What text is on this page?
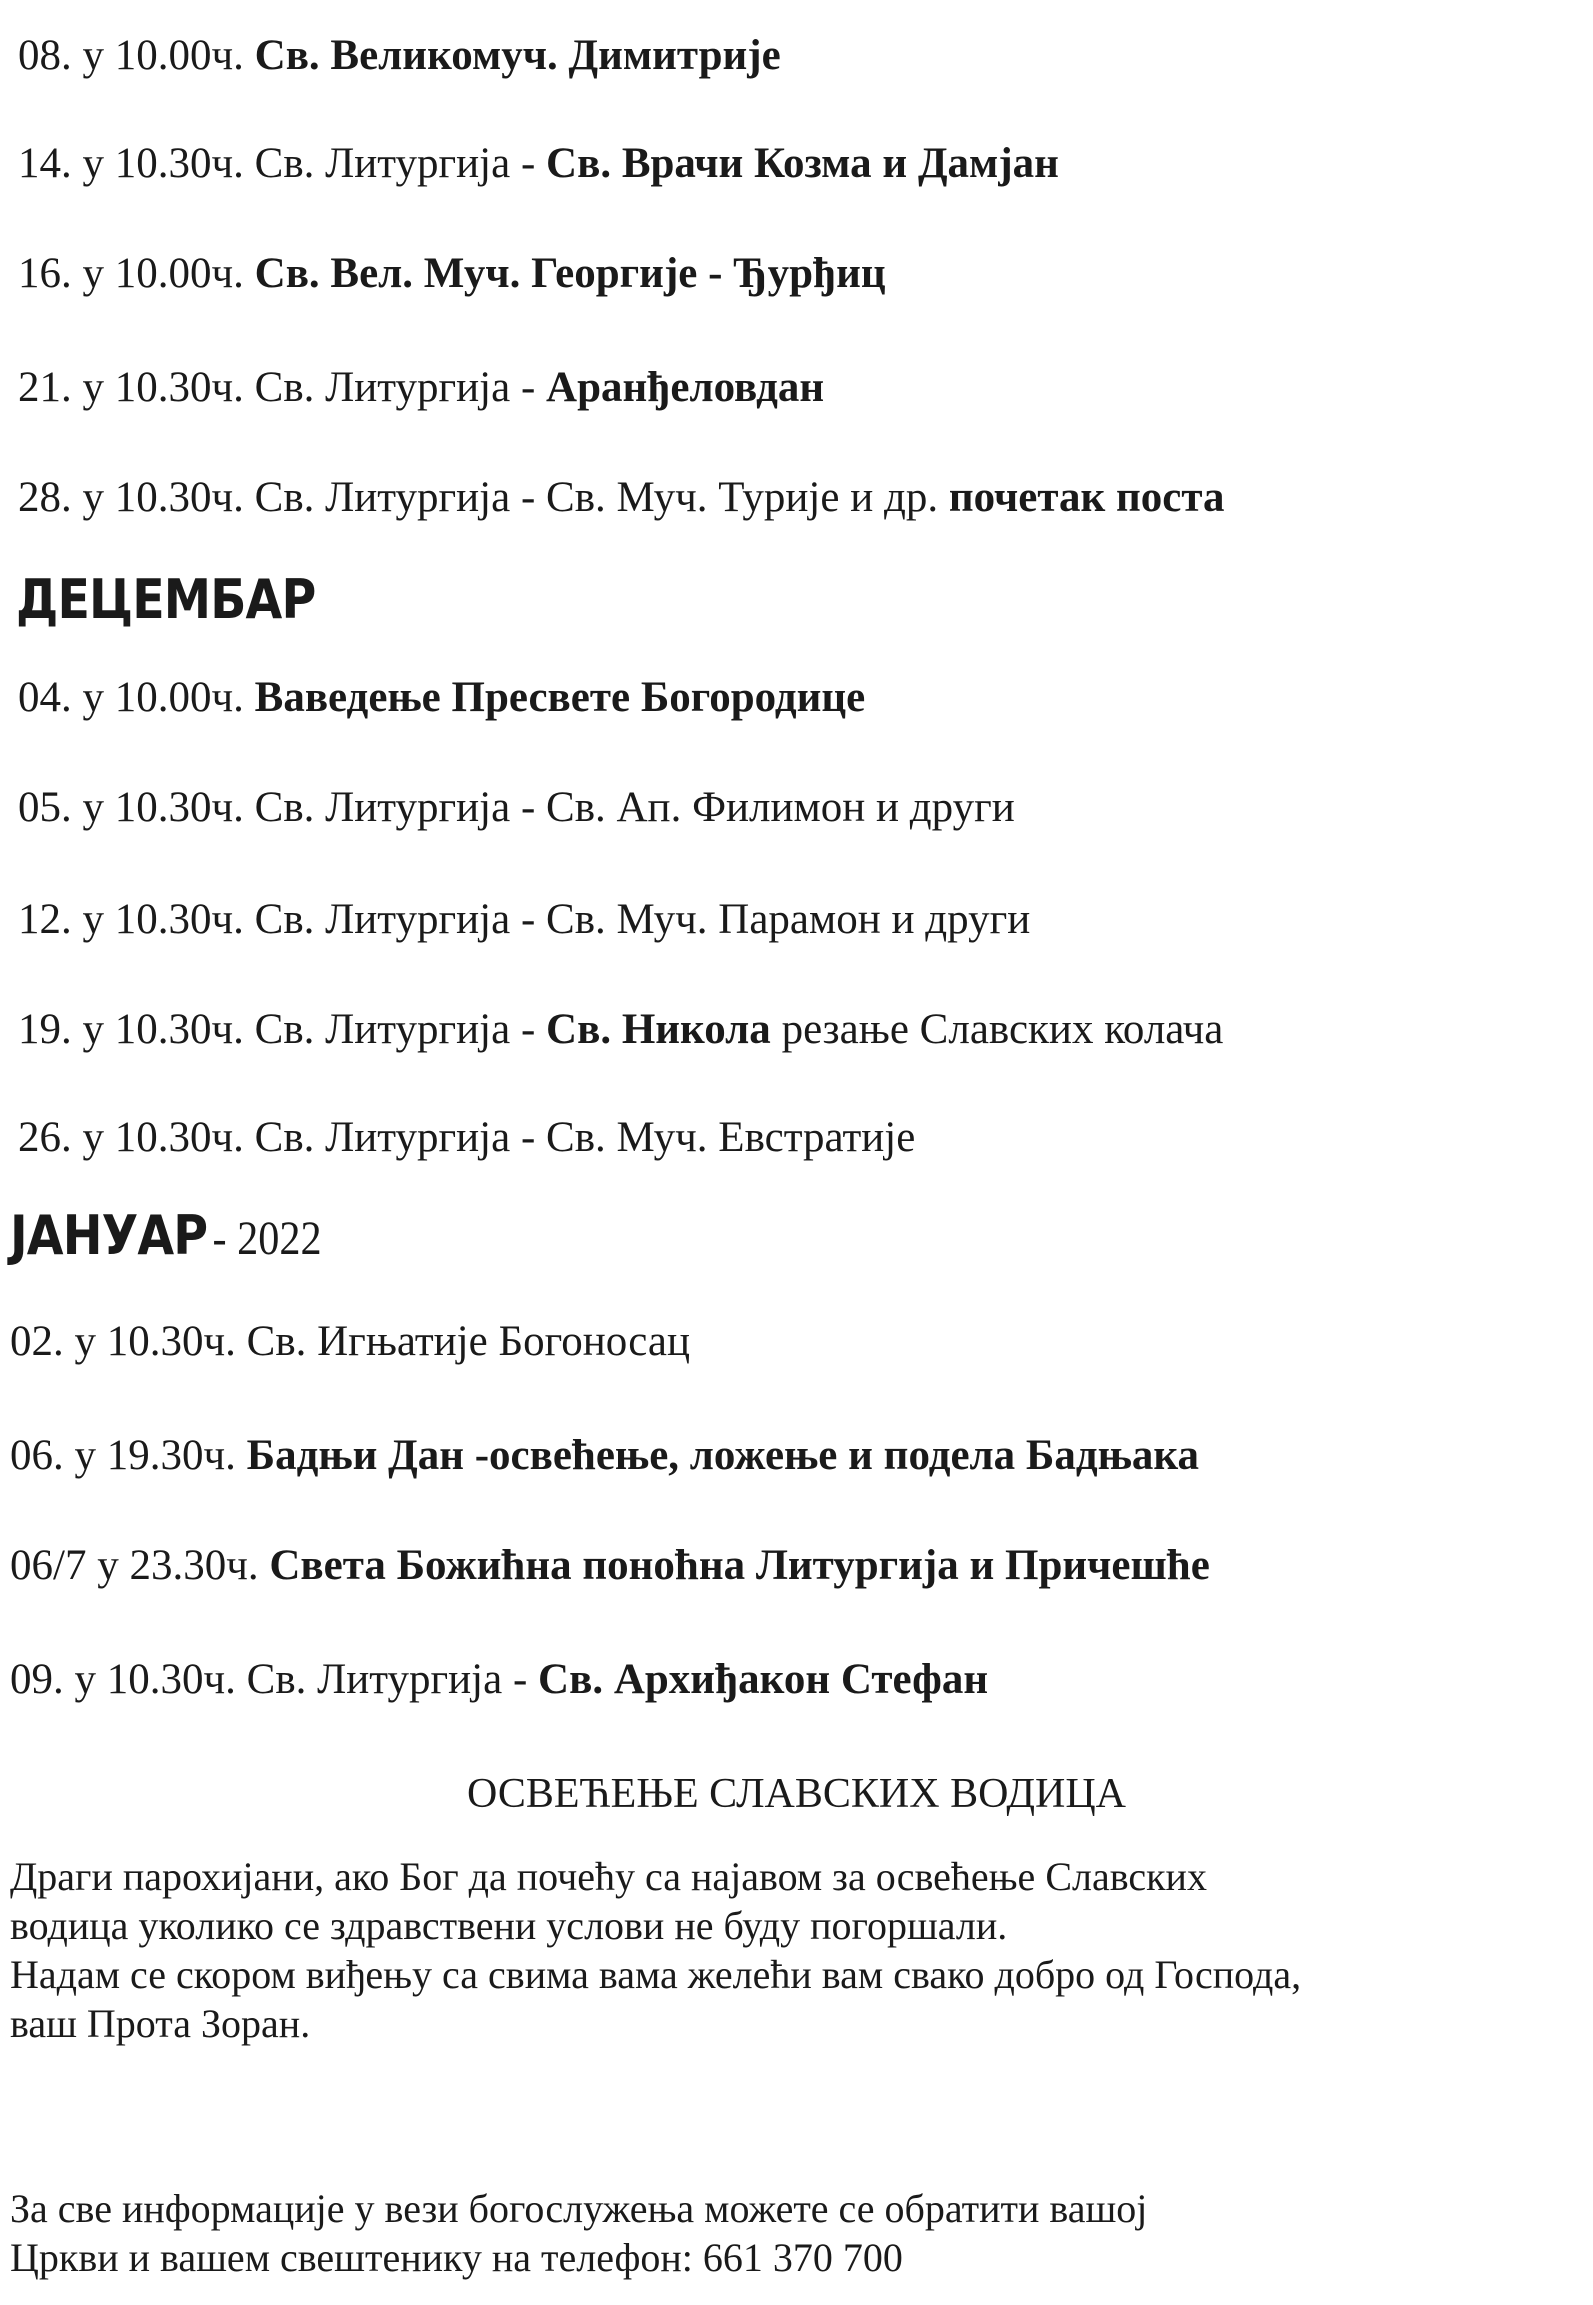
08. у 10.00ч. Св. Великомуч. Димитрије
14. у 10.30ч. Св. Литургија - Св. Врачи Козма и Дамјан
16. у 10.00ч. Св. Вел. Муч. Георгије - Ђурђиц
21. у 10.30ч. Св. Литургија - Аранђеловдан
28. у 10.30ч. Св. Литургија - Св. Муч. Турије и др. почетак поста
ДЕЦЕМБАР
04. у 10.00ч. Ваведење Пресвете Богородице
05. у 10.30ч. Св. Литургија - Св. Ап. Филимон и други
12. у 10.30ч. Св. Литургија - Св. Муч. Парамон и други
19. у 10.30ч. Св. Литургија - Св. Никола резање Славских колача
26. у 10.30ч. Св. Литургија - Св. Муч. Евстратије
ЈАНУАР - 2022
02. у 10.30ч. Св. Игњатије Богоносац
06. у 19.30ч. Бадњи Дан -освећење, ложење и подела Бадњака
06/7 у 23.30ч. Света Божићна поноћна Литургија и Причешће
09. у 10.30ч. Св. Литургија - Св. Архиђакон Стефан
ОСВЕЋЕЊЕ СЛАВСКИХ ВОДИЦА
Драги парохијани, ако Бог да почећу са најавом за освећење Славских
водица уколико се здравствени услови не буду погоршали.
Надам се скором виђењу са свима вама желећи вам свако добро од Господа,
ваш Прота Зоран.
За све информације у вези богослужења можете се обратити вашој
Цркви и вашем свештенику на телефон: 661 370 700
